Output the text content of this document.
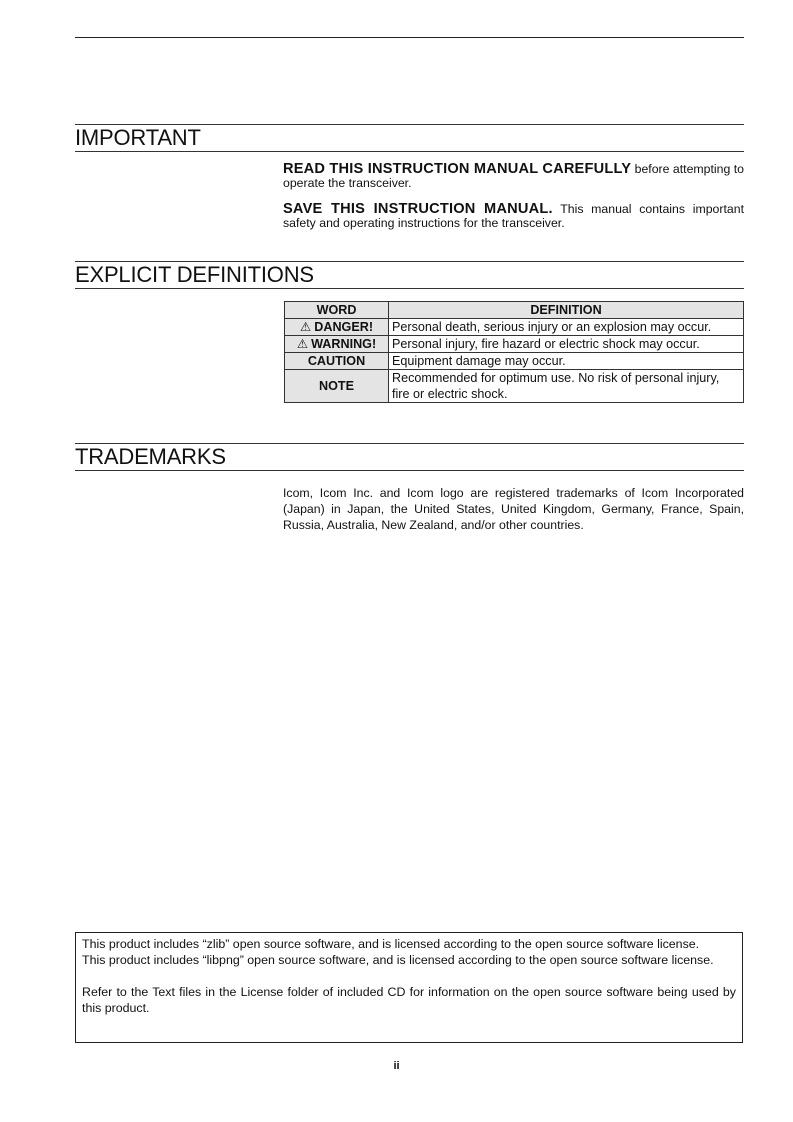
IMPORTANT
READ THIS INSTRUCTION MANUAL CAREFULLY before attempting to operate the transceiver.
SAVE THIS INSTRUCTION MANUAL. This manual contains important safety and operating instructions for the transceiver.
EXPLICIT DEFINITIONS
WORD	DEFINITION
⚠ DANGER!	Personal death, serious injury or an explosion may occur.
⚠ WARNING!	Personal injury, fire hazard or electric shock may occur.
CAUTION	Equipment damage may occur.
NOTE	Recommended for optimum use. No risk of personal injury, fire or electric shock.
TRADEMARKS
Icom, Icom Inc. and Icom logo are registered trademarks of Icom Incorporated (Japan) in Japan, the United States, United Kingdom, Germany, France, Spain, Russia, Australia, New Zealand, and/or other countries.

This product includes “zlib” open source software, and is licensed according to the open source software license.

This product includes “libpng” open source software, and is licensed according to the open source software license.

Refer to the Text files in the License folder of included CD for information on the open source software being used by this product.

ii
